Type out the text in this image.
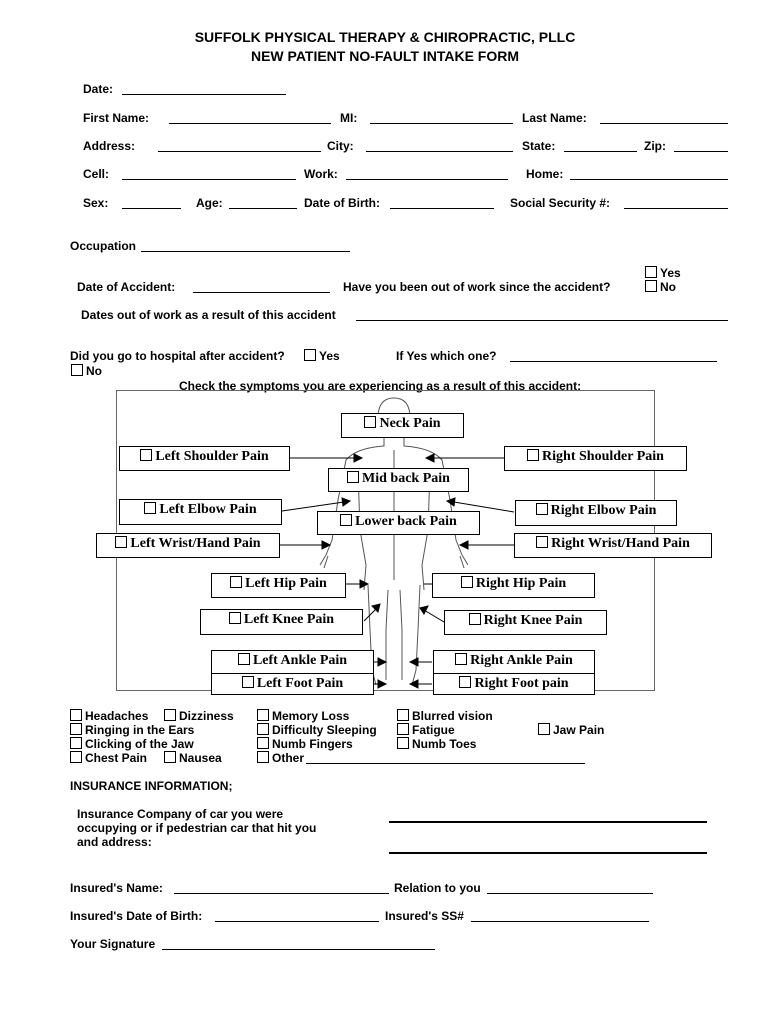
SUFFOLK PHYSICAL THERAPY & CHIROPRACTIC, PLLC
NEW PATIENT NO-FAULT INTAKE FORM
Date:
First Name:	MI:	Last Name:
Address:	City:	State:	Zip:
Cell:	Work:	Home:
Sex:	Age:	Date of Birth:	Social Security #:
Occupation
Date of Accident:	Have you been out of work since the accident?
Yes
No
Dates out of work as a result of this accident
Did you go to hospital after accident?	Yes	If Yes which one?
No
Check the symptoms you are experiencing as a result of this accident:
Neck Pain
Left Shoulder Pain	Right Shoulder Pain
Mid back Pain
Left Elbow Pain	Right Elbow Pain
Lower back Pain
Left Wrist/Hand Pain	Right Wrist/Hand Pain
Left Hip Pain	Right Hip Pain
Left Knee Pain	Right Knee Pain
Left Ankle Pain	Right Ankle Pain
Left Foot Pain	Right Foot pain
Headaches	Dizziness	Memory Loss	Blurred vision
Ringing in the Ears	Difficulty Sleeping	Fatigue	Jaw Pain
Clicking of the Jaw	Numb Fingers	Numb Toes
Chest Pain	Nausea	Other
INSURANCE INFORMATION;
Insurance Company of car you were
occupying or if pedestrian car that hit you
and address:
Insured's Name:	Relation to you
Insured's Date of Birth:	Insured's SS#
Your Signature
